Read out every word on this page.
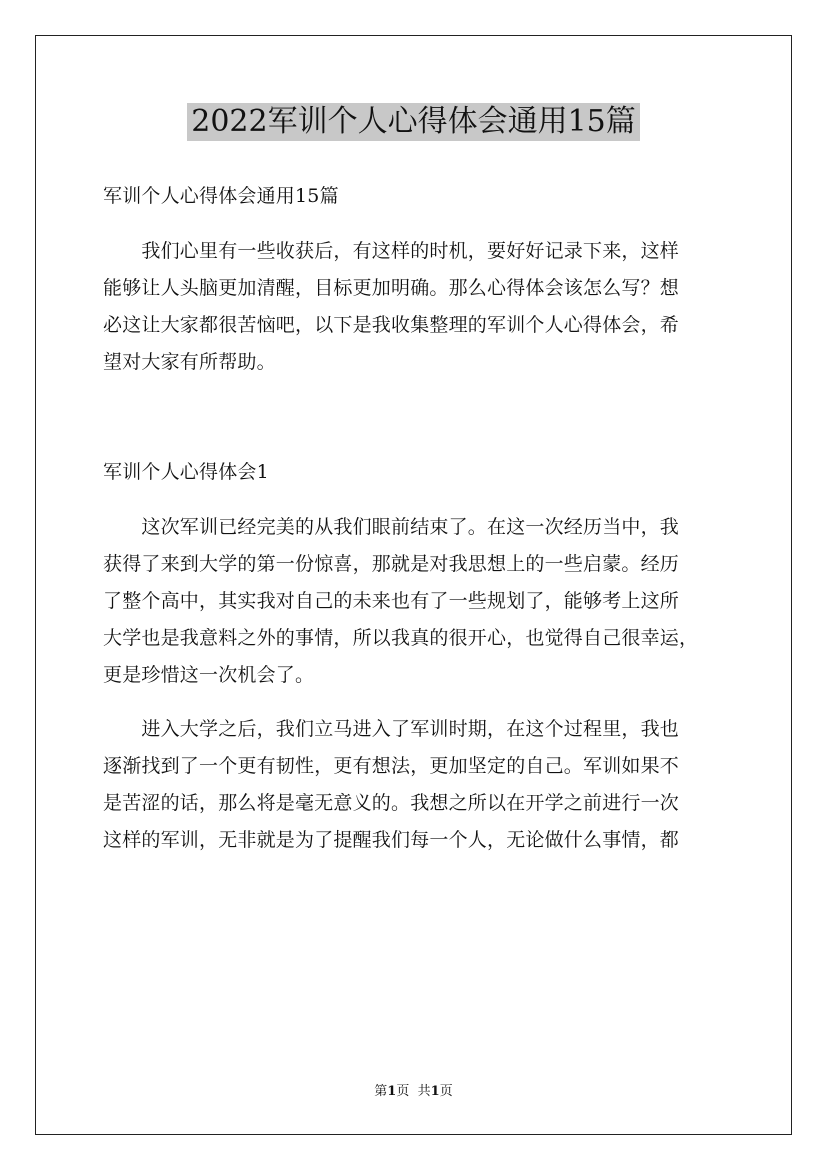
2022军训个人心得体会通用15篇
军训个人心得体会通用15篇
　　我们心里有一些收获后，有这样的时机，要好好记录下来，这样
能够让人头脑更加清醒，目标更加明确。那么心得体会该怎么写？想
必这让大家都很苦恼吧，以下是我收集整理的军训个人心得体会，希
望对大家有所帮助。
军训个人心得体会1
　　这次军训已经完美的从我们眼前结束了。在这一次经历当中，我
获得了来到大学的第一份惊喜，那就是对我思想上的一些启蒙。经历
了整个高中，其实我对自己的未来也有了一些规划了，能够考上这所
大学也是我意料之外的事情，所以我真的很开心，也觉得自己很幸运，
更是珍惜这一次机会了。
　　进入大学之后，我们立马进入了军训时期，在这个过程里，我也
逐渐找到了一个更有韧性，更有想法，更加坚定的自己。军训如果不
是苦涩的话，那么将是毫无意义的。我想之所以在开学之前进行一次
这样的军训，无非就是为了提醒我们每一个人，无论做什么事情，都
第1页 共1页
